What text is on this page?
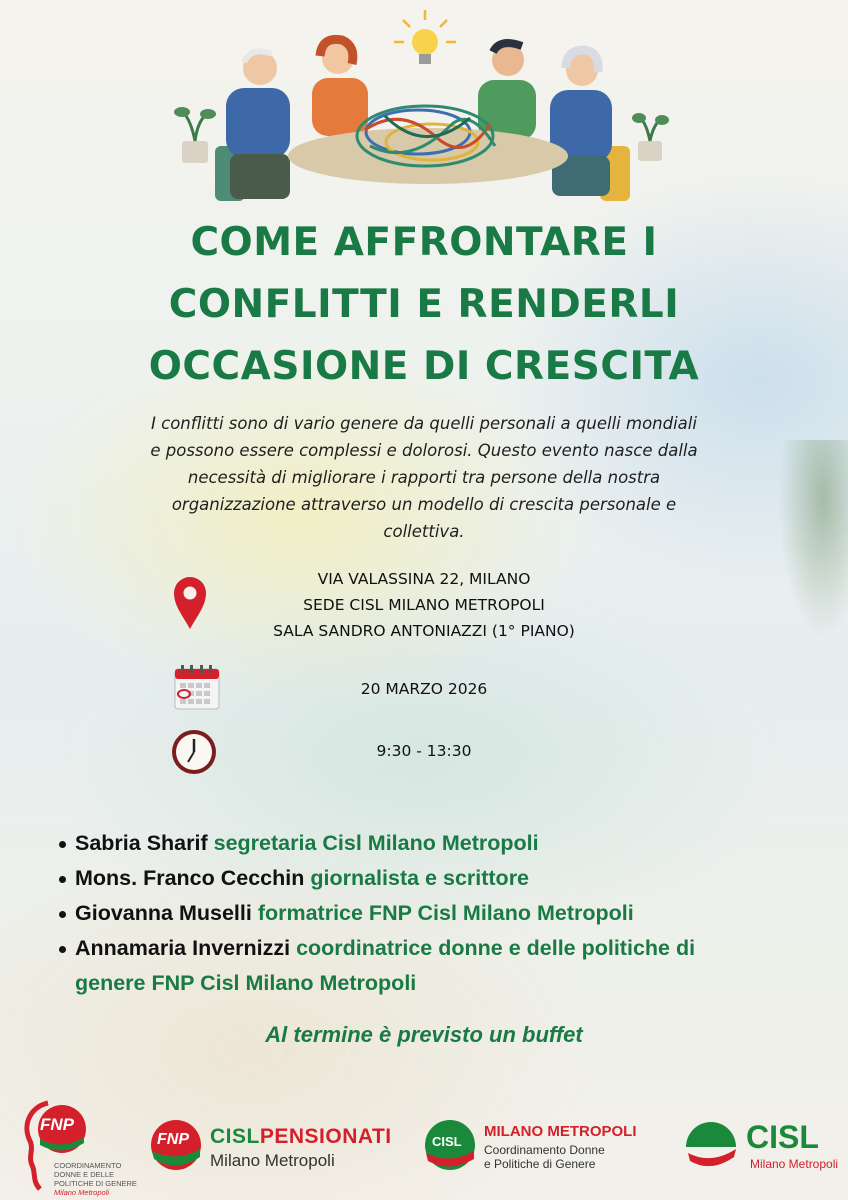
COME AFFRONTARE I
CONFLITTI E RENDERLI
OCCASIONE DI CRESCITA
I conflitti sono di vario genere da quelli personali a quelli mondiali
e possono essere complessi e dolorosi. Questo evento nasce dalla
necessità di migliorare i rapporti tra persone della nostra
organizzazione attraverso un modello di crescita personale e
collettiva.
VIA VALASSINA 22, MILANO
SEDE CISL MILANO METROPOLI
SALA SANDRO ANTONIAZZI (1° PIANO)
20 MARZO 2026
9:30 - 13:30
Sabria Sharif segretaria Cisl Milano Metropoli
Mons. Franco Cecchin giornalista e scrittore
Giovanna Muselli formatrice FNP Cisl Milano Metropoli
Annamaria Invernizzi coordinatrice donne e delle politiche di
genere FNP Cisl Milano Metropoli
Al termine è previsto un buffet
FNP
COORDINAMENTO
DONNE E DELLE
POLITICHE DI GENERE
Milano Metropoli
FNP CISLPENSIONATI
Milano Metropoli
CISL
MILANO METROPOLI
Coordinamento Donne
e Politiche di Genere
CISL
Milano Metropoli
